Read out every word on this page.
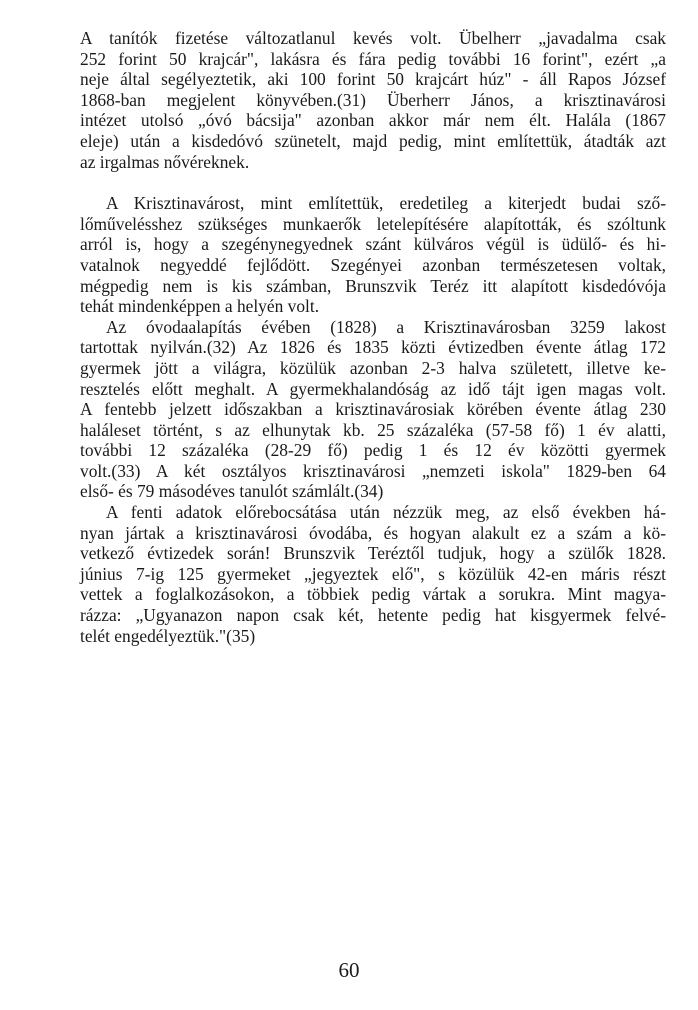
A tanítók fizetése változatlanul kevés volt. Übelherr „javadalma csak
252 forint 50 krajcár", lakásra és fára pedig további 16 forint", ezért „a
neje által segélyeztetik, aki 100 forint 50 krajcárt húz" - áll Rapos József
1868-ban megjelent könyvében.(31) Überherr János, a krisztinavárosi
intézet utolsó „óvó bácsija" azonban akkor már nem élt. Halála (1867
eleje) után a kisdedóvó szünetelt, majd pedig, mint említettük, átadták azt
az irgalmas nővéreknek.
A Krisztinavárost, mint említettük, eredetileg a kiterjedt budai sző-
lőművelésshez szükséges munkaerők letelepítésére alapították, és szóltunk
arról is, hogy a szegénynegyednek szánt külváros végül is üdülő- és hi-
vatalnok negyeddé fejlődött. Szegényei azonban természetesen voltak,
mégpedig nem is kis számban, Brunszvik Teréz itt alapított kisdedóvója
tehát mindenképpen a helyén volt.
Az óvodaalapítás évében (1828) a Krisztinavárosban 3259 lakost
tartottak nyilván.(32) Az 1826 és 1835 közti évtizedben évente átlag 172
gyermek jött a világra, közülük azonban 2-3 halva született, illetve ke-
resztelés előtt meghalt. A gyermekhalandóság az idő tájt igen magas volt.
A fentebb jelzett időszakban a krisztinavárosiak körében évente átlag 230
haláleset történt, s az elhunytak kb. 25 százaléka (57-58 fő) 1 év alatti,
további 12 százaléka (28-29 fő) pedig 1 és 12 év közötti gyermek
volt.(33) A két osztályos krisztinavárosi „nemzeti iskola" 1829-ben 64
első- és 79 másodéves tanulót számlált.(34)
A fenti adatok előrebocsátása után nézzük meg, az első években há-
nyan jártak a krisztinavárosi óvodába, és hogyan alakult ez a szám a kö-
vetkező évtizedek során! Brunszvik Teréztől tudjuk, hogy a szülők 1828.
június 7-ig 125 gyermeket „jegyeztek elő", s közülük 42-en máris részt
vettek a foglalkozásokon, a többiek pedig vártak a sorukra. Mint magya-
rázza: „Ugyanazon napon csak két, hetente pedig hat kisgyermek felvé-
telét engedélyeztük."(35)
60
